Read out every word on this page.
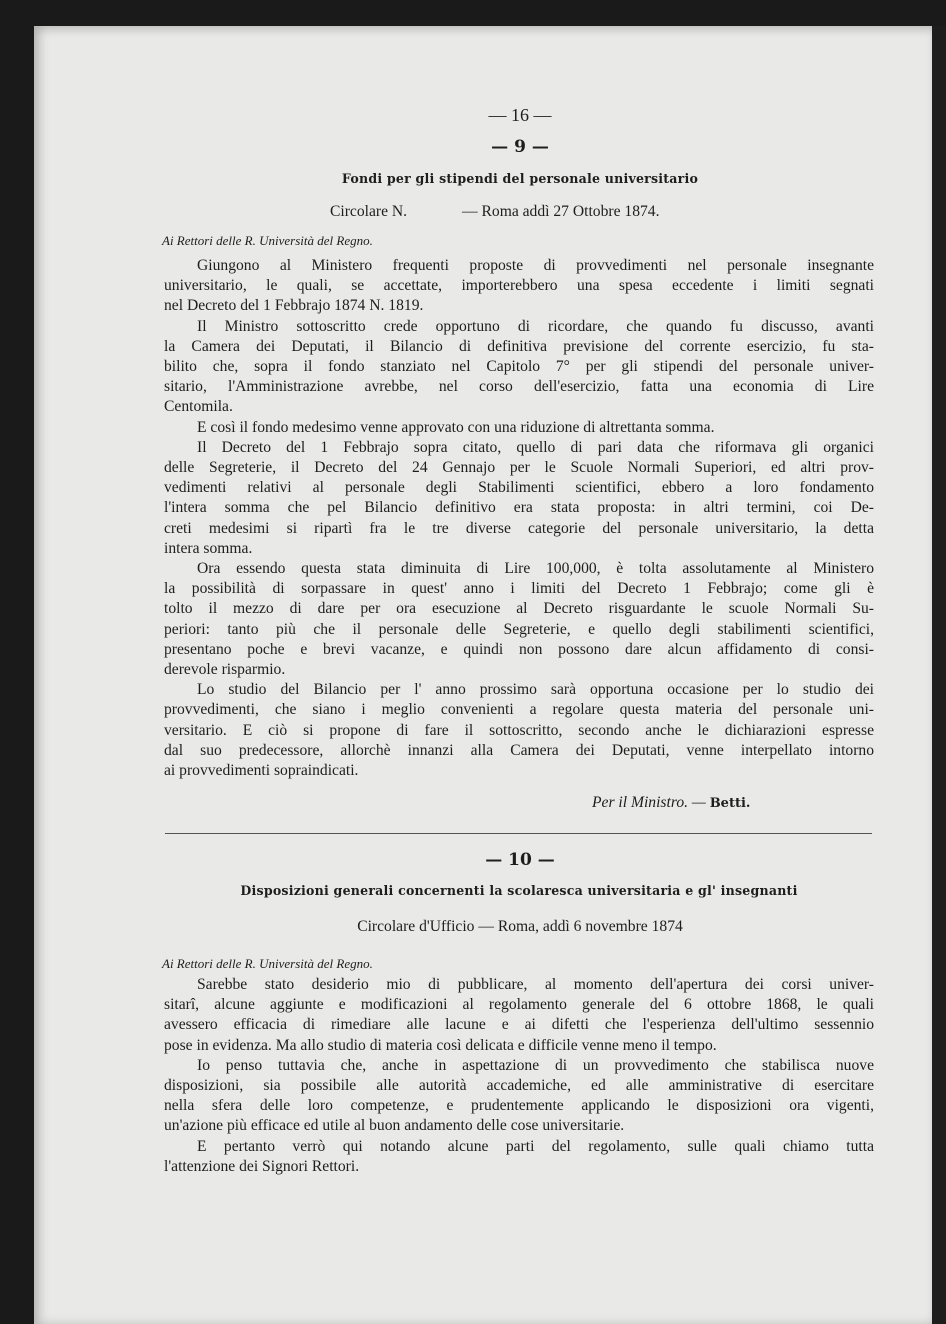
— 16 —
— 9 —
Fondi per gli stipendi del personale universitario
Circolare N.	— Roma addì 27 Ottobre 1874.
Ai Rettori delle R. Università del Regno.
Giungono al Ministero frequenti proposte di provvedimenti nel personale insegnante
universitario, le quali, se accettate, importerebbero una spesa eccedente i limiti segnati
nel Decreto del 1 Febbrajo 1874 N. 1819.
Il Ministro sottoscritto crede opportuno di ricordare, che quando fu discusso, avanti
la Camera dei Deputati, il Bilancio di definitiva previsione del corrente esercizio, fu sta-
bilito che, sopra il fondo stanziato nel Capitolo 7° per gli stipendi del personale univer-
sitario, l'Amministrazione avrebbe, nel corso dell'esercizio, fatta una economia di Lire
Centomila.
E così il fondo medesimo venne approvato con una riduzione di altrettanta somma.
Il Decreto del 1 Febbrajo sopra citato, quello di pari data che riformava gli organici
delle Segreterie, il Decreto del 24 Gennajo per le Scuole Normali Superiori, ed altri prov-
vedimenti relativi al personale degli Stabilimenti scientifici, ebbero a loro fondamento
l'intera somma che pel Bilancio definitivo era stata proposta: in altri termini, coi De-
creti medesimi si ripartì fra le tre diverse categorie del personale universitario, la detta
intera somma.
Ora essendo questa stata diminuita di Lire 100,000, è tolta assolutamente al Ministero
la possibilità di sorpassare in quest' anno i limiti del Decreto 1 Febbrajo; come gli è
tolto il mezzo di dare per ora esecuzione al Decreto risguardante le scuole Normali Su-
periori: tanto più che il personale delle Segreterie, e quello degli stabilimenti scientifici,
presentano poche e brevi vacanze, e quindi non possono dare alcun affidamento di consi-
derevole risparmio.
Lo studio del Bilancio per l' anno prossimo sarà opportuna occasione per lo studio dei
provvedimenti, che siano i meglio convenienti a regolare questa materia del personale uni-
versitario. E ciò si propone di fare il sottoscritto, secondo anche le dichiarazioni espresse
dal suo predecessore, allorchè innanzi alla Camera dei Deputati, venne interpellato intorno
ai provvedimenti sopraindicati.
Per il Ministro. — Betti.
— 10 —
Disposizioni generali concernenti la scolaresca universitaria e gl' insegnanti
Circolare d'Ufficio — Roma, addì 6 novembre 1874
Ai Rettori delle R. Università del Regno.
Sarebbe stato desiderio mio di pubblicare, al momento dell'apertura dei corsi univer-
sitarî, alcune aggiunte e modificazioni al regolamento generale del 6 ottobre 1868, le quali
avessero efficacia di rimediare alle lacune e ai difetti che l'esperienza dell'ultimo sessennio
pose in evidenza. Ma allo studio di materia così delicata e difficile venne meno il tempo.
Io penso tuttavia che, anche in aspettazione di un provvedimento che stabilisca nuove
disposizioni, sia possibile alle autorità accademiche, ed alle amministrative di esercitare
nella sfera delle loro competenze, e prudentemente applicando le disposizioni ora vigenti,
un'azione più efficace ed utile al buon andamento delle cose universitarie.
E pertanto verrò qui notando alcune parti del regolamento, sulle quali chiamo tutta
l'attenzione dei Signori Rettori.
